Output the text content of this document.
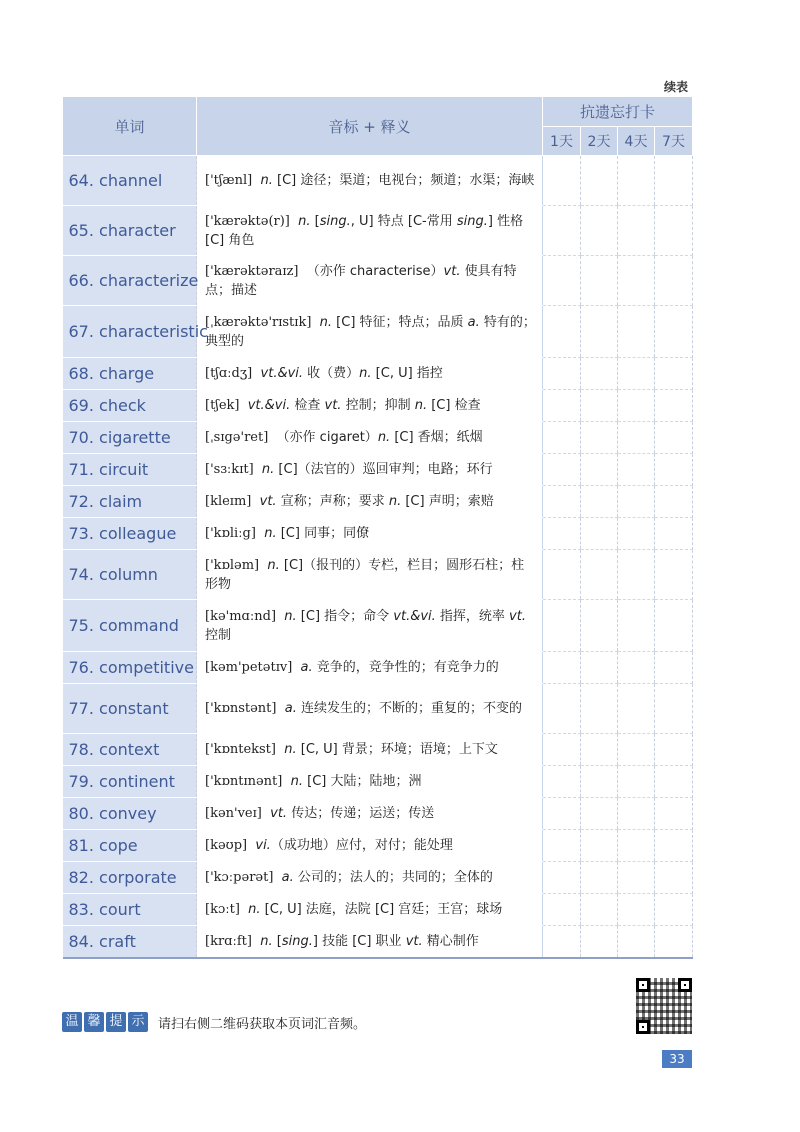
续表
单词	音标 + 释义	抗遗忘打卡			
		1天	2天	4天	7天
64. channel	['tʃænl] n. [C] 途径；渠道；电视台；频道；水渠；海峡				
65. character	['kærəktə(r)] n. [sing., U] 特点 [C-常用 sing.] 性格 [C] 角色				
66. characterize	['kærəktəraɪz] （亦作 characterise）vt. 使具有特点；描述				
67. characteristic	[ˌkærəktə'rɪstɪk] n. [C] 特征；特点；品质 a. 特有的；典型的				
68. charge	[tʃɑːdʒ] vt.&vi. 收（费）n. [C, U] 指控				
69. check	[tʃek] vt.&vi. 检查 vt. 控制；抑制 n. [C] 检查				
70. cigarette	[ˌsɪgə'ret] （亦作 cigaret）n. [C] 香烟；纸烟				
71. circuit	['sɜːkɪt] n. [C]（法官的）巡回审判；电路；环行				
72. claim	[kleɪm] vt. 宣称；声称；要求 n. [C] 声明；索赔				
73. colleague	['kɒliːg] n. [C] 同事；同僚				
74. column	['kɒləm] n. [C]（报刊的）专栏，栏目；圆形石柱；柱形物				
75. command	[kə'mɑːnd] n. [C] 指令；命令 vt.&vi. 指挥，统率 vt. 控制				
76. competitive	[kəm'petətɪv] a. 竞争的，竞争性的；有竞争力的				
77. constant	['kɒnstənt] a. 连续发生的；不断的；重复的；不变的				
78. context	['kɒntekst] n. [C, U] 背景；环境；语境；上下文				
79. continent	['kɒntɪnənt] n. [C] 大陆；陆地；洲				
80. convey	[kən'veɪ] vt. 传达；传递；运送；传送				
81. cope	[kəʊp] vi.（成功地）应付，对付；能处理				
82. corporate	['kɔːpərət] a. 公司的；法人的；共同的；全体的				
83. court	[kɔːt] n. [C, U] 法庭，法院 [C] 宫廷；王宫；球场				
84. craft	[krɑːft] n. [sing.] 技能 [C] 职业 vt. 精心制作				
温 馨 提 示 请扫右侧二维码获取本页词汇音频。
33
